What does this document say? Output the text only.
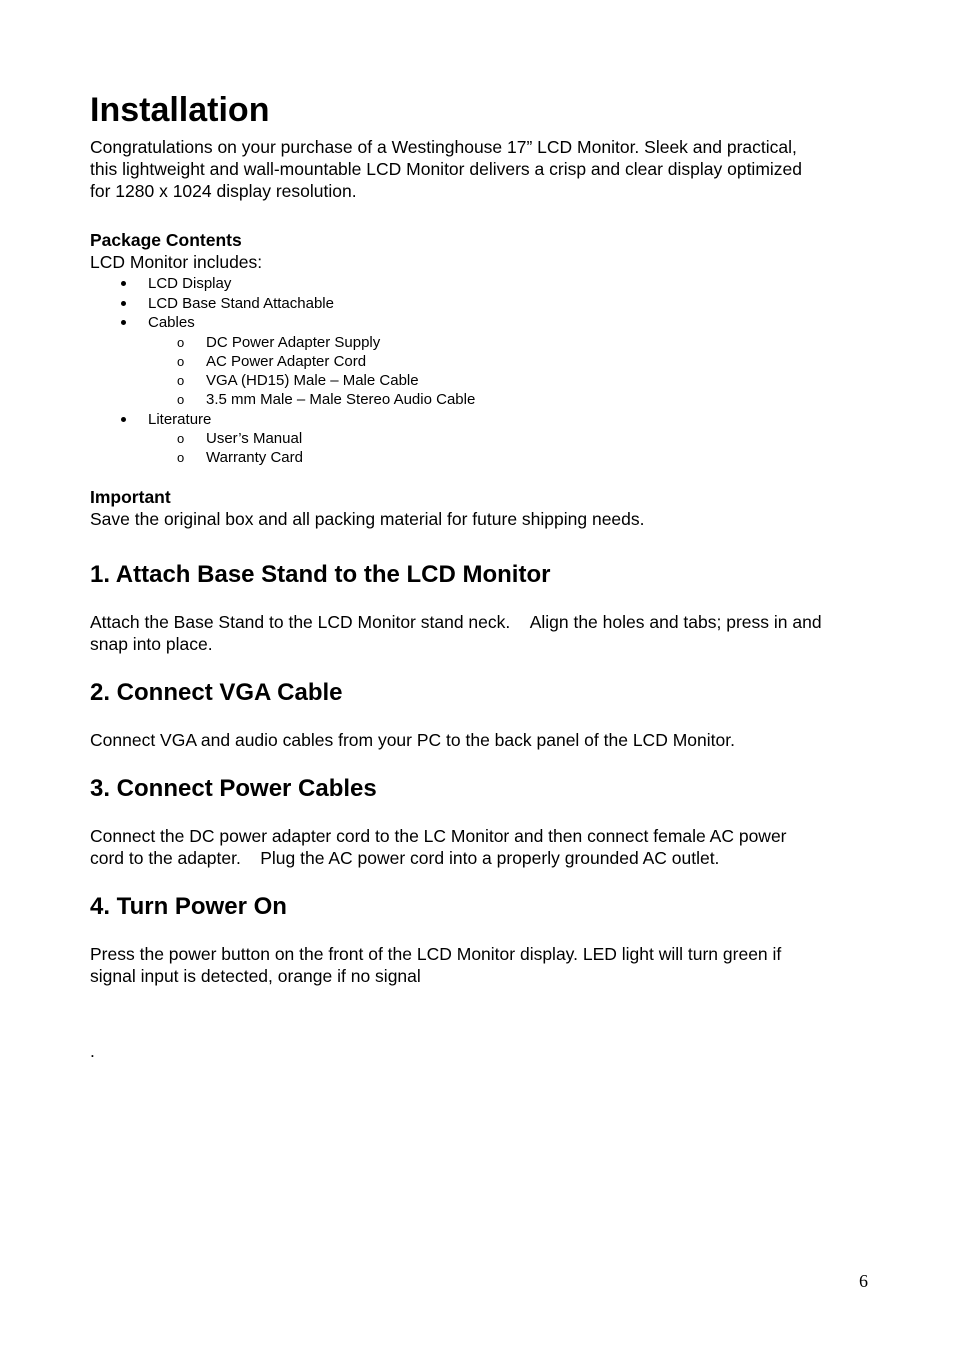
Installation
Congratulations on your purchase of a Westinghouse 17” LCD Monitor. Sleek and practical,
this lightweight and wall-mountable LCD Monitor delivers a crisp and clear display optimized
for 1280 x 1024 display resolution.
Package Contents
LCD Monitor includes:
LCD Display
LCD Base Stand Attachable
Cables
o DC Power Adapter Supply
o AC Power Adapter Cord
o VGA (HD15) Male – Male Cable
o 3.5 mm Male – Male Stereo Audio Cable
Literature
o User’s Manual
o Warranty Card
Important
Save the original box and all packing material for future shipping needs.
1. Attach Base Stand to the LCD Monitor
Attach the Base Stand to the LCD Monitor stand neck.    Align the holes and tabs; press in and
snap into place.
2. Connect VGA Cable
Connect VGA and audio cables from your PC to the back panel of the LCD Monitor.
3. Connect Power Cables
Connect the DC power adapter cord to the LC Monitor and then connect female AC power
cord to the adapter.    Plug the AC power cord into a properly grounded AC outlet.
4. Turn Power On
Press the power button on the front of the LCD Monitor display. LED light will turn green if
signal input is detected, orange if no signal
.
6
